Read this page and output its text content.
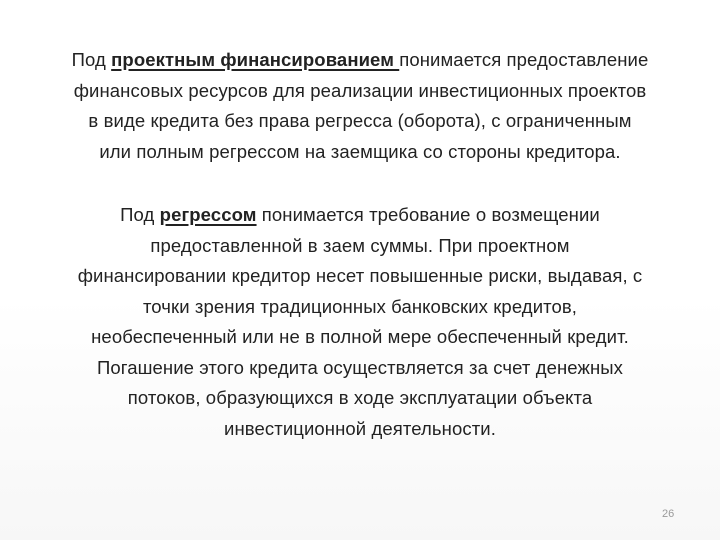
Под проектным финансированием понимается предоставление
финансовых ресурсов для реализации инвестиционных проектов
в виде кредита без права регресса (оборота), с ограниченным
или полным регрессом на заемщика со стороны кредитора.

Под регрессом понимается требование о возмещении
предоставленной в заем суммы. При проектном
финансировании кредитор несет повышенные риски, выдавая, с
точки зрения традиционных банковских кредитов,
необеспеченный или не в полной мере обеспеченный кредит.
Погашение этого кредита осуществляется за счет денежных
потоков, образующихся в ходе эксплуатации объекта
инвестиционной деятельности.

26
